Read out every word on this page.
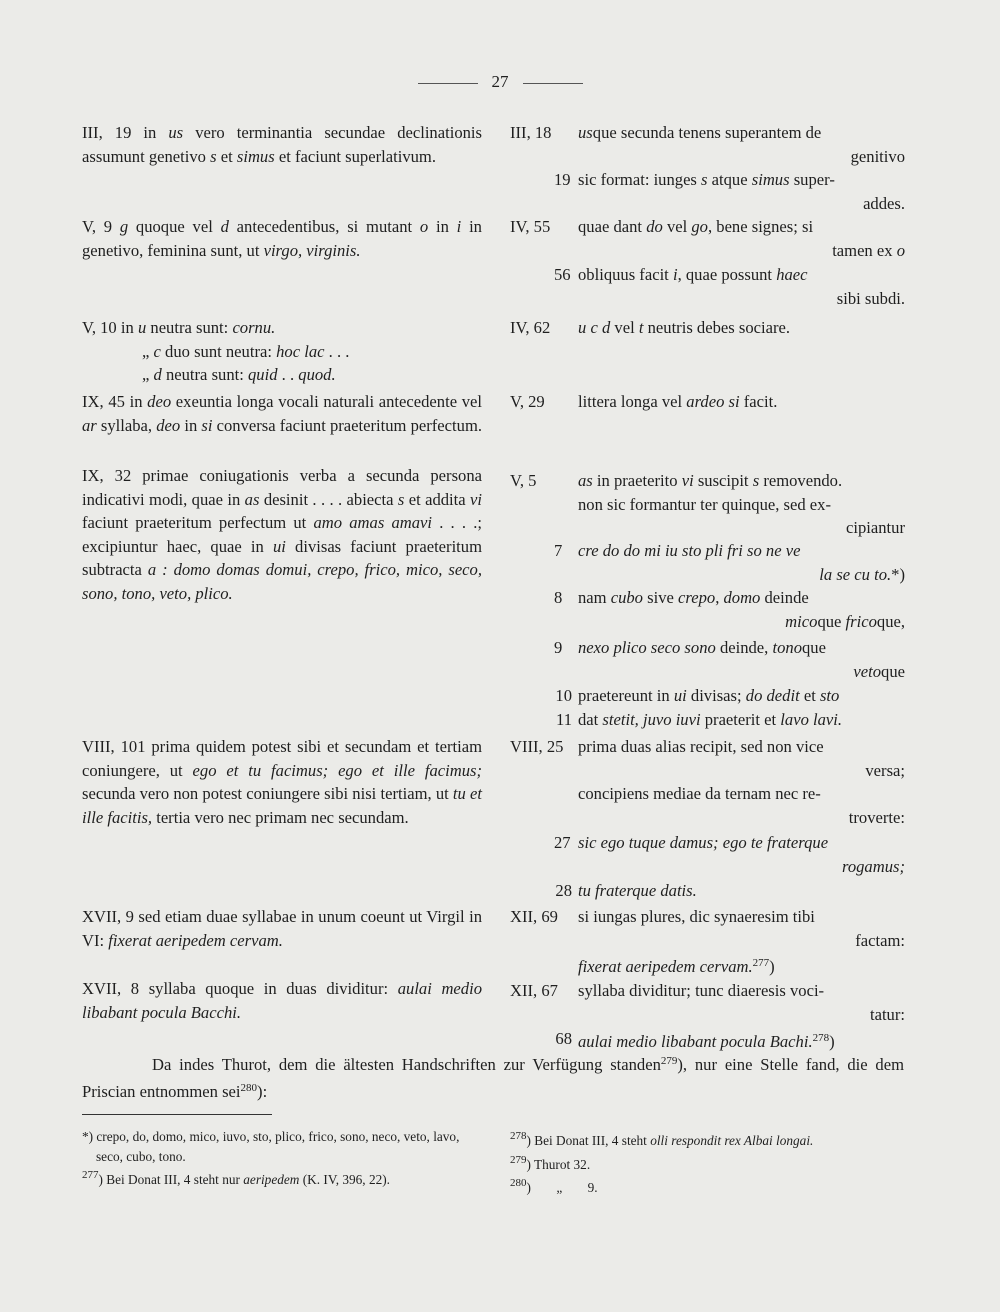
27
III, 19 in us vero terminantia secundae declinationis assumunt genetivo s et simus et faciunt superlativum.
V, 9 g quoque vel d antecedentibus, si mutant o in i in genetivo, feminina sunt, ut virgo, virginis.
V, 10 in u neutra sunt: cornu.
„ c duo sunt neutra: hoc lac . . .
„ d neutra sunt: quid . . quod.
IX, 45 in deo exeuntia longa vocali naturali antecedente vel ar syllaba, deo in si conversa faciunt praeteritum perfectum.
IX, 32 primae coniugationis verba a secunda persona indicativi modi, quae in as desinit . . . . abiecta s et addita vi faciunt praeteritum perfectum ut amo amas amavi . . . .; excipiuntur haec, quae in ui divisas faciunt praeteritum subtracta a : domo domas domui, crepo, frico, mico, seco, sono, tono, veto, plico.
VIII, 101 prima quidem potest sibi et secundam et tertiam coniungere, ut ego et tu facimus; ego et ille facimus; secunda vero non potest coniungere sibi nisi tertiam, ut tu et ille facitis, tertia vero nec primam nec secundam.
XVII, 9 sed etiam duae syllabae in unum coeunt ut Virgil in VI: fixerat aeripedem cervam.
XVII, 8 syllaba quoque in duas dividitur: aulai medio libabant pocula Bacchi.
III, 18	usque secunda tenens superantem de
genitivo
19 sic format: iunges s atque simus super-
addes.
IV, 55	quae dant do vel go, bene signes; si
tamen ex o
56 obliquus facit i, quae possunt haec
sibi subdi.
IV, 62	u c d vel t neutris debes sociare.
V, 29	littera longa vel ardeo si facit.
V, 5	as in praeterito vi suscipit s removendo.
non sic formantur ter quinque, sed ex-
cipiantur
7 cre do do mi iu sto pli fri so ne ve
la se cu to.*)
8 nam cubo sive crepo, domo deinde
micoque fricoque,
9 nexo plico seco sono deinde, tonoque
vetoque
10 praetereunt in ui divisas; do dedit et sto
11 dat stetit, juvo iuvi praeterit et lavo lavi.
VIII, 25 prima duas alias recipit, sed non vice
versa;
concipiens mediae da ternam nec re-
troverte:
27 sic ego tuque damus; ego te fraterque
rogamus;
28 tu fraterque datis.
XII, 69	si iungas plures, dic synaeresim tibi
factam:
fixerat aeripedem cervam.$^{277}$)
XII, 67	syllaba dividitur; tunc diaeresis voci-
tatur:
68 aulai medio libabant pocula Bachi.$^{278}$)
Da indes Thurot, dem die ältesten Handschriften zur Verfügung standen$^{279}$), nur eine Stelle fand, die dem Priscian entnommen sei$^{280}$):
*) crepo, do, domo, mico, iuvo, sto, plico, frico, sono, neco, veto, lavo, seco, cubo, tono.
$^{277}$) Bei Donat III, 4 steht nur aeripedem (K. IV, 396, 22).
$^{278}$) Bei Donat III, 4 steht olli respondit rex Albai longai.
$^{279}$) Thurot 32.
$^{280}$) „ 9.
